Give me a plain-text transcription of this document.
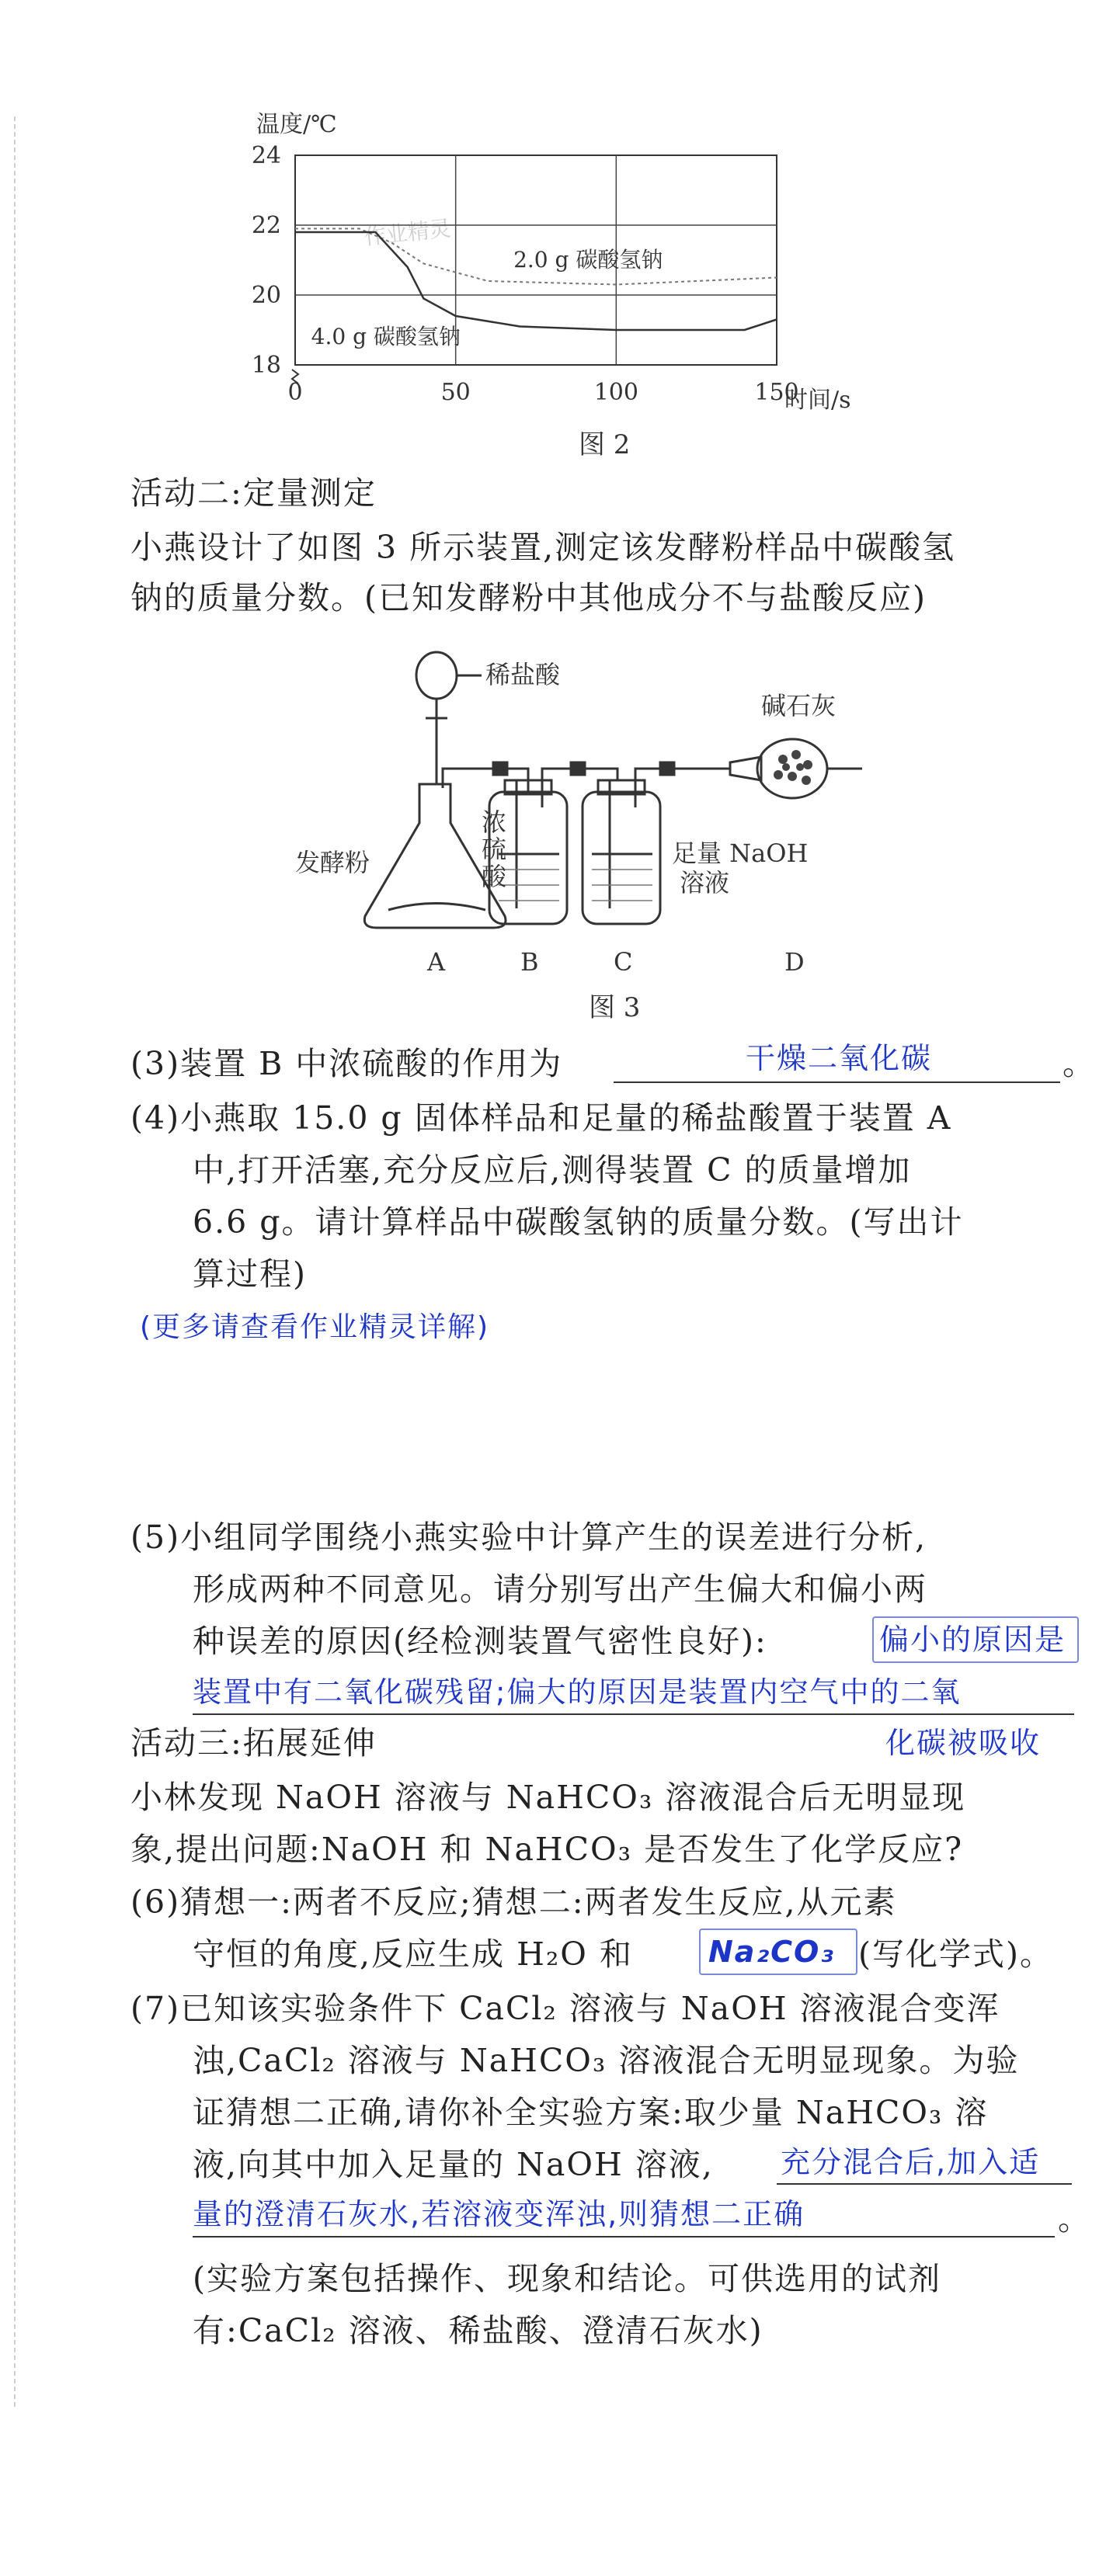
温度/℃
时间/s
作业精灵
0	50	100	150
18
20
22
24
2.0 g 碳酸氢钠
4.0 g 碳酸氢钠
图 2
活动二:定量测定
小燕设计了如图 3 所示装置,测定该发酵粉样品中碳酸氢
钠的质量分数。(已知发酵粉中其他成分不与盐酸反应)
稀盐酸
碱石灰
发酵粉
浓
硫
酸
足量 NaOH
溶液
A	B	C	D
图 3
(3)装置 B 中浓硫酸的作用为	干燥二氧化碳	。
(4)小燕取 15.0 g 固体样品和足量的稀盐酸置于装置 A
中,打开活塞,充分反应后,测得装置 C 的质量增加
6.6 g。请计算样品中碳酸氢钠的质量分数。(写出计
算过程)
(更多请查看作业精灵详解)
(5)小组同学围绕小燕实验中计算产生的误差进行分析,
形成两种不同意见。请分别写出产生偏大和偏小两
种误差的原因(经检测装置气密性良好):	偏小的原因是
装置中有二氧化碳残留;偏大的原因是装置内空气中的二氧
化碳被吸收
活动三:拓展延伸
小林发现 NaOH 溶液与 NaHCO₃ 溶液混合后无明显现
象,提出问题:NaOH 和 NaHCO₃ 是否发生了化学反应?
(6)猜想一:两者不反应;猜想二:两者发生反应,从元素
守恒的角度,反应生成 H₂O 和	Na₂CO₃ (写化学式)。
(7)已知该实验条件下 CaCl₂ 溶液与 NaOH 溶液混合变浑
浊,CaCl₂ 溶液与 NaHCO₃ 溶液混合无明显现象。为验
证猜想二正确,请你补全实验方案:取少量 NaHCO₃ 溶
液,向其中加入足量的 NaOH 溶液, 充分混合后,加入适
量的澄清石灰水,若溶液变浑浊,则猜想二正确	。
(实验方案包括操作、现象和结论。可供选用的试剂
有:CaCl₂ 溶液、稀盐酸、澄清石灰水)
